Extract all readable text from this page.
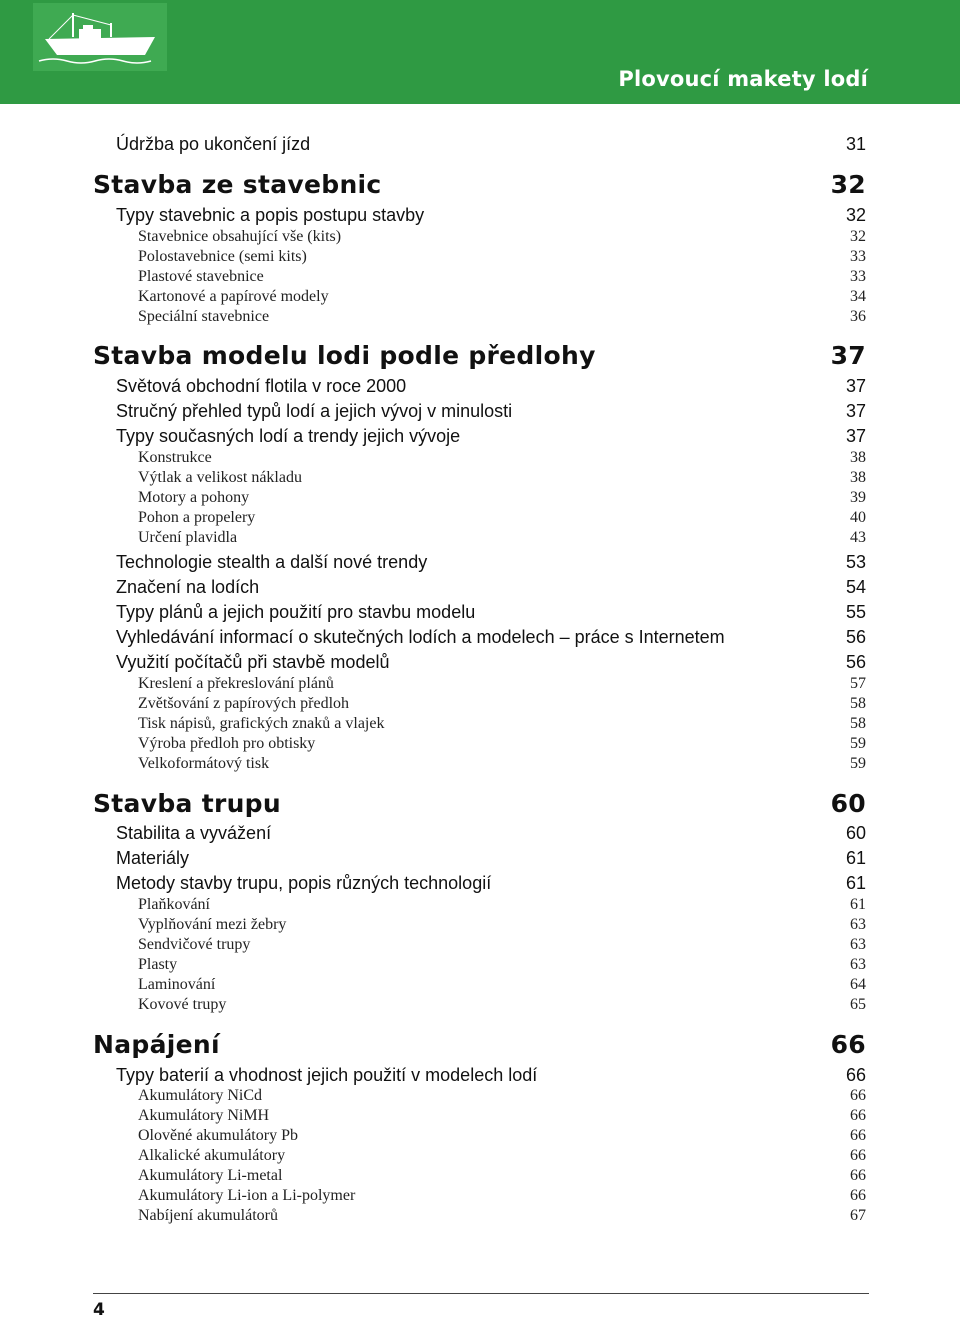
Plovoucí makety lodí
Údržba po ukončení jízd	31
Stavba ze stavebnic	32
Typy stavebnic a popis postupu stavby	32
Stavebnice obsahující vše (kits)	32
Polostavebnice (semi kits)	33
Plastové stavebnice	33
Kartonové a papírové modely	34
Speciální stavebnice	36
Stavba modelu lodi podle předlohy	37
Světová obchodní flotila v roce 2000	37
Stručný přehled typů lodí a jejich vývoj v minulosti	37
Typy současných lodí a trendy jejich vývoje	37
Konstrukce	38
Výtlak a velikost nákladu	38
Motory a pohony	39
Pohon a propelery	40
Určení plavidla	43
Technologie stealth a další nové trendy	53
Značení na lodích	54
Typy plánů a jejich použití pro stavbu modelu	55
Vyhledávání informací o skutečných lodích a modelech – práce s Internetem	56
Využití počítačů při stavbě modelů	56
Kreslení a překreslování plánů	57
Zvětšování z papírových předloh	58
Tisk nápisů, grafických znaků a vlajek	58
Výroba předloh pro obtisky	59
Velkoformátový tisk	59
Stavba trupu	60
Stabilita a vyvážení	60
Materiály	61
Metody stavby trupu, popis různých technologií	61
Plaňkování	61
Vyplňování mezi žebry	63
Sendvičové trupy	63
Plasty	63
Laminování	64
Kovové trupy	65
Napájení	66
Typy baterií a vhodnost jejich použití v modelech lodí	66
Akumulátory NiCd	66
Akumulátory NiMH	66
Olověné akumulátory Pb	66
Alkalické akumulátory	66
Akumulátory Li-metal	66
Akumulátory Li-ion a Li-polymer	66
Nabíjení akumulátorů	67
4
